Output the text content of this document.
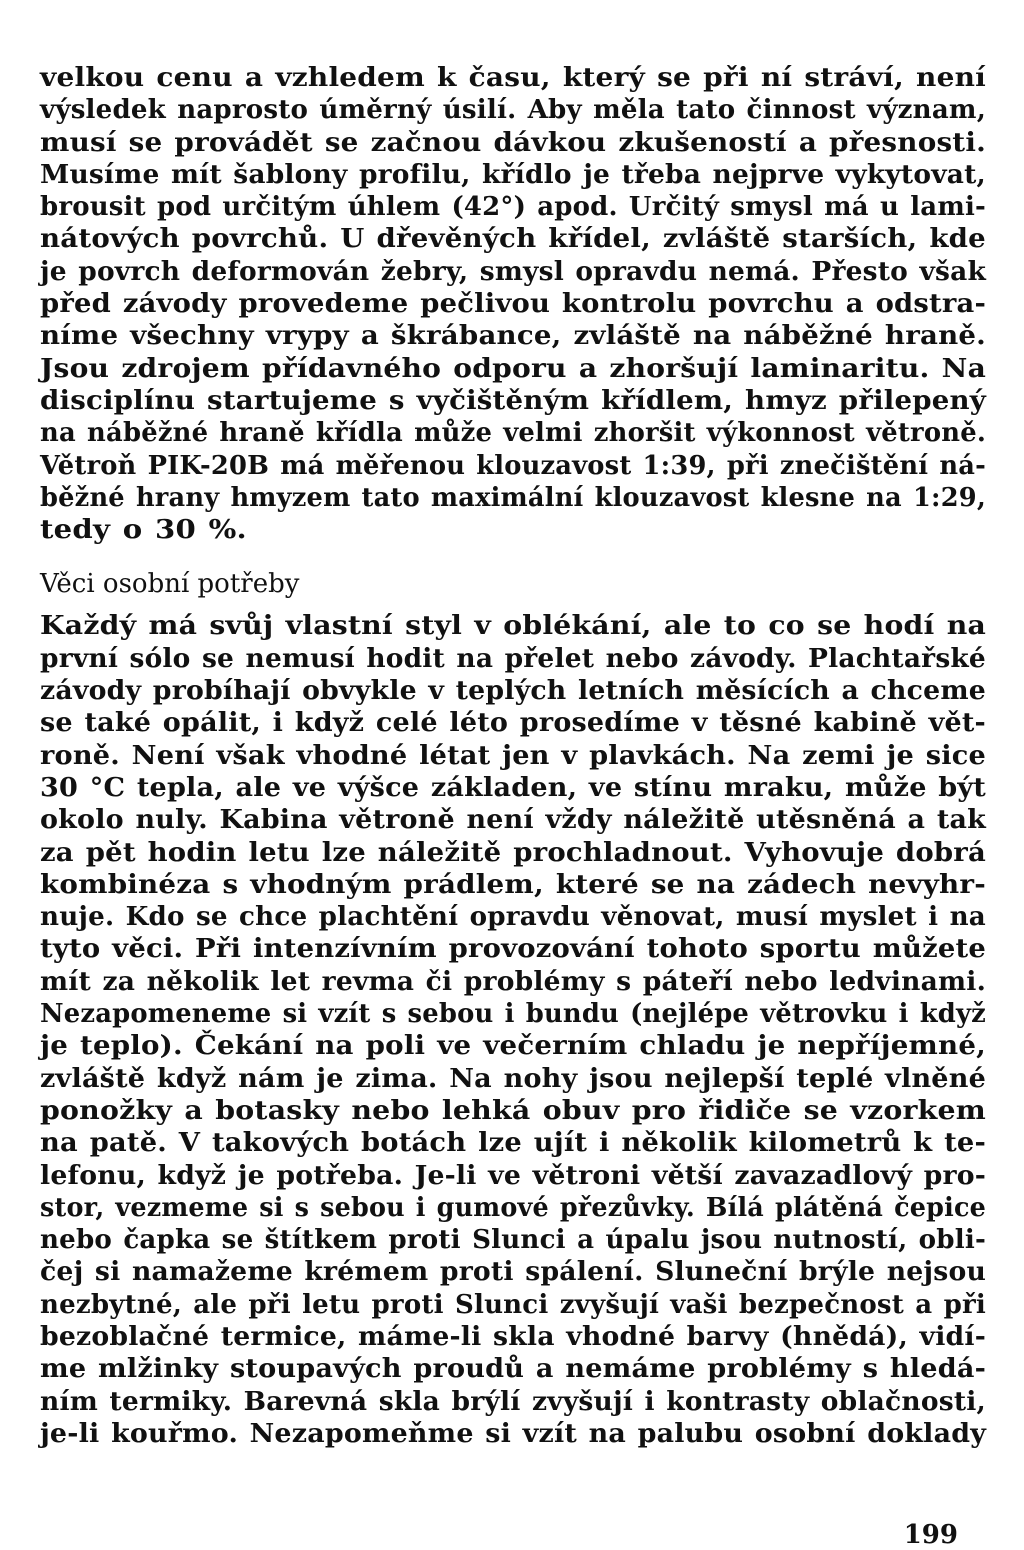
velkou cenu a vzhledem k času, který se při ní stráví, není
výsledek naprosto úměrný úsilí. Aby měla tato činnost význam,
musí se provádět se začnou dávkou zkušeností a přesnosti.
Musíme mít šablony profilu, křídlo je třeba nejprve vykytovat,
brousit pod určitým úhlem (42°) apod. Určitý smysl má u lami-
nátových povrchů. U dřevěných křídel, zvláště starších, kde
je povrch deformován žebry, smysl opravdu nemá. Přesto však
před závody provedeme pečlivou kontrolu povrchu a odstra-
níme všechny vrypy a škrábance, zvláště na náběžné hraně.
Jsou zdrojem přídavného odporu a zhoršují laminaritu. Na
disciplínu startujeme s vyčištěným křídlem, hmyz přilepený
na náběžné hraně křídla může velmi zhoršit výkonnost větroně.
Větroň PIK-20B má měřenou klouzavost 1:39, při znečištění ná-
běžné hrany hmyzem tato maximální klouzavost klesne na 1:29,
tedy o 30 %.
Věci osobní potřeby
Každý má svůj vlastní styl v oblékání, ale to co se hodí na
první sólo se nemusí hodit na přelet nebo závody. Plachtařské
závody probíhají obvykle v teplých letních měsících a chceme
se také opálit, i když celé léto prosedíme v těsné kabině vět-
roně. Není však vhodné létat jen v plavkách. Na zemi je sice
30 °C tepla, ale ve výšce základen, ve stínu mraku, může být
okolo nuly. Kabina větroně není vždy náležitě utěsněná a tak
za pět hodin letu lze náležitě prochladnout. Vyhovuje dobrá
kombinéza s vhodným prádlem, které se na zádech nevyhr-
nuje. Kdo se chce plachtění opravdu věnovat, musí myslet i na
tyto věci. Při intenzívním provozování tohoto sportu můžete
mít za několik let revma či problémy s páteří nebo ledvinami.
Nezapomeneme si vzít s sebou i bundu (nejlépe větrovku i když
je teplo). Čekání na poli ve večerním chladu je nepříjemné,
zvláště když nám je zima. Na nohy jsou nejlepší teplé vlněné
ponožky a botasky nebo lehká obuv pro řidiče se vzorkem
na patě. V takových botách lze ujít i několik kilometrů k te-
lefonu, když je potřeba. Je-li ve větroni větší zavazadlový pro-
stor, vezmeme si s sebou i gumové přezůvky. Bílá plátěná čepice
nebo čapka se štítkem proti Slunci a úpalu jsou nutností, obli-
čej si namažeme krémem proti spálení. Sluneční brýle nejsou
nezbytné, ale při letu proti Slunci zvyšují vaši bezpečnost a při
bezoblačné termice, máme-li skla vhodné barvy (hnědá), vidí-
me mlžinky stoupavých proudů a nemáme problémy s hledá-
ním termiky. Barevná skla brýlí zvyšují i kontrasty oblačnosti,
je-li kouřmo. Nezapomeňme si vzít na palubu osobní doklady
199
